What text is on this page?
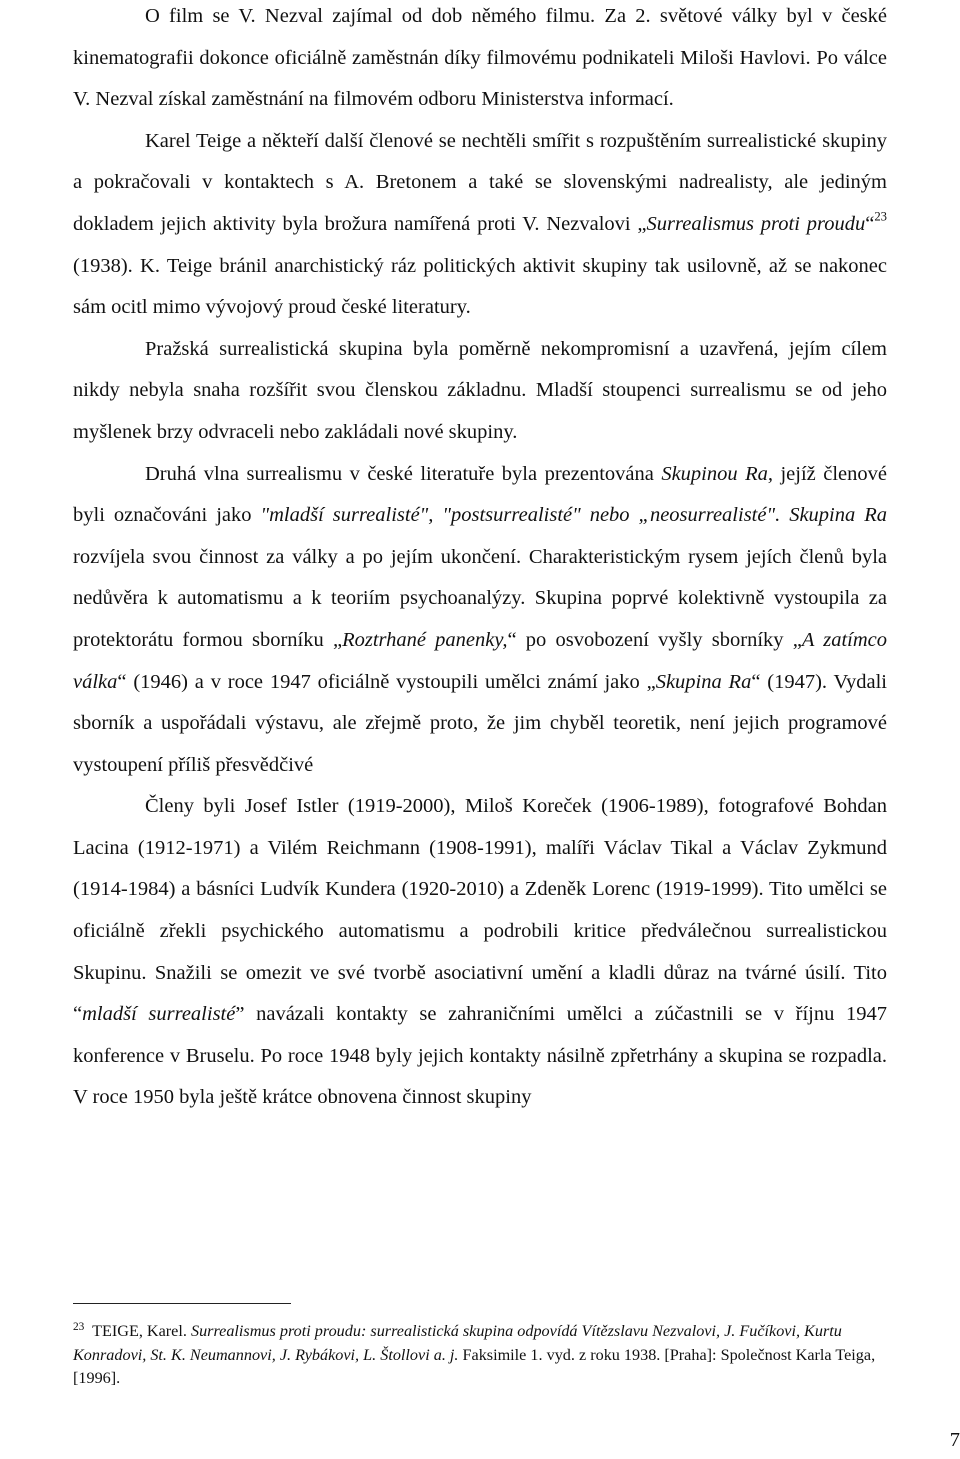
O film se V. Nezval zajímal od dob němého filmu. Za 2. světové války byl v české kinematografii dokonce oficiálně zaměstnán díky filmovému podnikateli Miloši Havlovi. Po válce V. Nezval získal zaměstnání na filmovém odboru Ministerstva informací.

Karel Teige a někteří další členové se nechtěli smířit s rozpuštěním surrealistické skupiny a pokračovali v kontaktech s A. Bretonem a také se slovenskými nadrealisty, ale jediným dokladem jejich aktivity byla brožura namířená proti V. Nezvalovi „Surrealismus proti proudu“$^{23}$ (1938). K. Teige bránil anarchistický ráz politických aktivit skupiny tak usilovně, až se nakonec sám ocitl mimo vývojový proud české literatury.

Pražská surrealistická skupina byla poměrně nekompromisní a uzavřená, jejím cílem nikdy nebyla snaha rozšířit svou členskou základnu. Mladší stoupenci surrealismu se od jeho myšlenek brzy odvraceli nebo zakládali nové skupiny.

Druhá vlna surrealismu v české literatuře byla prezentována Skupinou Ra, jejíž členové byli označováni jako "mladší surrealisté", "postsurrealisté" nebo „neosurrealisté". Skupina Ra rozvíjela svou činnost za války a po jejím ukončení. Charakteristickým rysem jejích členů byla nedůvěra k automatismu a k teoriím psychoanalýzy. Skupina poprvé kolektivně vystoupila za protektorátu formou sborníku „Roztrhané panenky,“ po osvobození vyšly sborníky „A zatímco válka“ (1946) a v roce 1947 oficiálně vystoupili umělci známí jako „Skupina Ra“ (1947). Vydali sborník a uspořádali výstavu, ale zřejmě proto, že jim chyběl teoretik, není jejich programové vystoupení příliš přesvědčivé

Členy byli Josef Istler (1919-2000), Miloš Koreček (1906-1989), fotografové Bohdan Lacina (1912-1971) a Vilém Reichmann (1908-1991), malíři Václav Tikal a Václav Zykmund (1914-1984) a básníci Ludvík Kundera (1920-2010) a Zdeněk Lorenc (1919-1999). Tito umělci se oficiálně zřekli psychického automatismu a podrobili kritice předválečnou surrealistickou Skupinu. Snažili se omezit ve své tvorbě asociativní umění a kladli důraz na tvárné úsilí. Tito “mladší surrealisté” navázali kontakty se zahraničními umělci a zúčastnili se v říjnu 1947 konference v Bruselu. Po roce 1948 byly jejich kontakty násilně zpřetrhány a skupina se rozpadla. V roce 1950 byla ještě krátce obnovena činnost skupiny

$^{23}$ TEIGE, Karel. Surrealismus proti proudu: surrealistická skupina odpovídá Vítězslavu Nezvalovi, J. Fučíkovi, Kurtu Konradovi, St. K. Neumannovi, J. Rybákovi, L. Štollovi a. j. Faksimile 1. vyd. z roku 1938. [Praha]: Společnost Karla Teiga, [1996].

7
